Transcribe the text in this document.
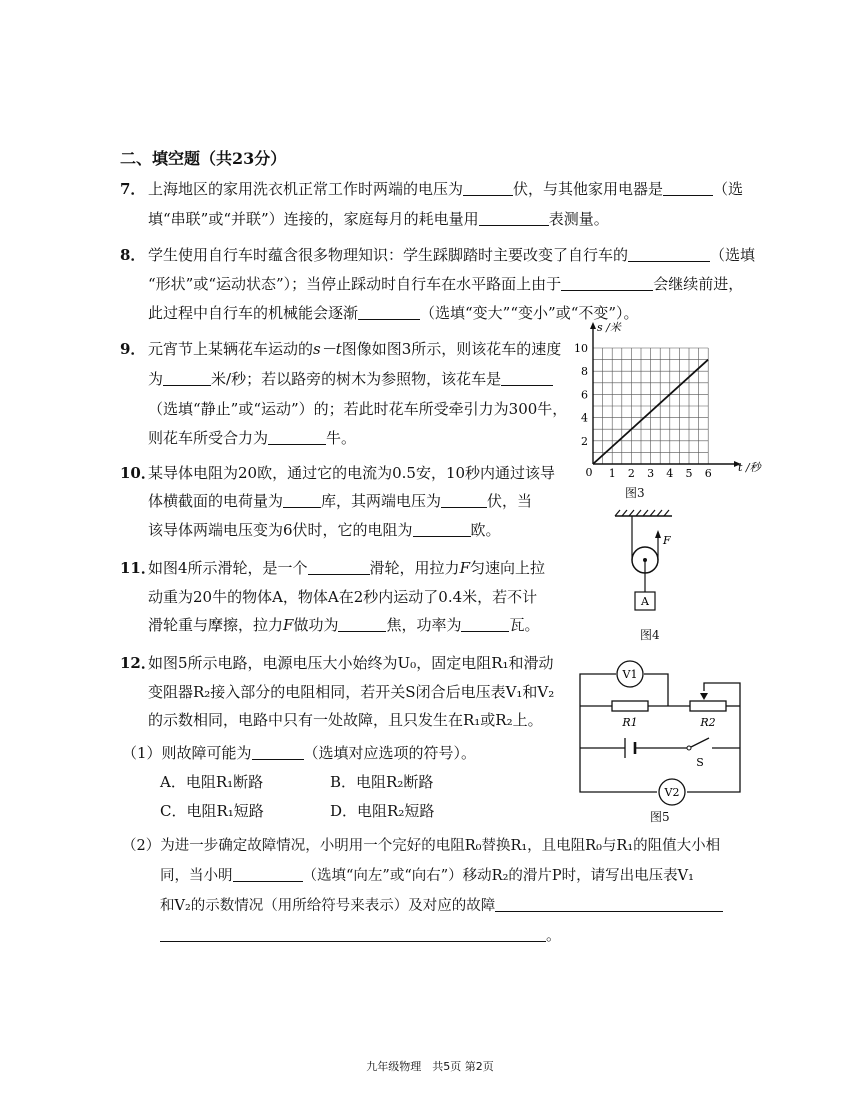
二、填空题（共23分）
7． 上海地区的家用洗衣机正常工作时两端的电压为	伏，与其他家用电器是	（选
填“串联”或“并联”）连接的，家庭每月的耗电量用	表测量。
8． 学生使用自行车时蕴含很多物理知识：学生踩脚踏时主要改变了自行车的	（选填
“形状”或“运动状态”）；当停止踩动时自行车在水平路面上由于	会继续前进，
此过程中自行车的机械能会逐渐	（选填“变大”“变小”或“不变”）。
9． 元宵节上某辆花车运动的s－t图像如图3所示，则该花车的速度
为	米/秒；若以路旁的树木为参照物，该花车是
（选填“静止”或“运动”）的；若此时花车所受牵引力为300牛，
则花车所受合力为	牛。
10．
某导体电阻为20欧，通过它的电流为0.5安，10秒内通过该导
体横截面的电荷量为	库，其两端电压为	伏，当
该导体两端电压变为6伏时，它的电阻为	欧。
11．
如图4所示滑轮，是一个	滑轮，用拉力F匀速向上拉
动重为20牛的物体A，物体A在2秒内运动了0.4米，若不计
滑轮重与摩擦，拉力F做功为	焦，功率为	瓦。
12．
如图5所示电路，电源电压大小始终为U₀，固定电阻R₁和滑动
变阻器R₂接入部分的电阻相同，若开关S闭合后电压表V₁和V₂
的示数相同，电路中只有一处故障，且只发生在R₁或R₂上。
（1）则故障可能为	（选填对应选项的符号）。
A．电阻R₁断路	B．电阻R₂断路
C．电阻R₁短路	D．电阻R₂短路
（2）为进一步确定故障情况，小明用一个完好的电阻R₀替换R₁，且电阻R₀与R₁的阻值大小相
同，当小明	（选填“向左”或“向右”）移动R₂的滑片P时，请写出电压表V₁
和V₂的示数情况（用所给符号来表示）及对应的故障
。
1 2 3 4 5 6
2
4
6
8
10
s /米
t /秒
0
图3
F
A
图4
V1
R1	R2
S
V2
图5
九年级物理　共5页 第2页
